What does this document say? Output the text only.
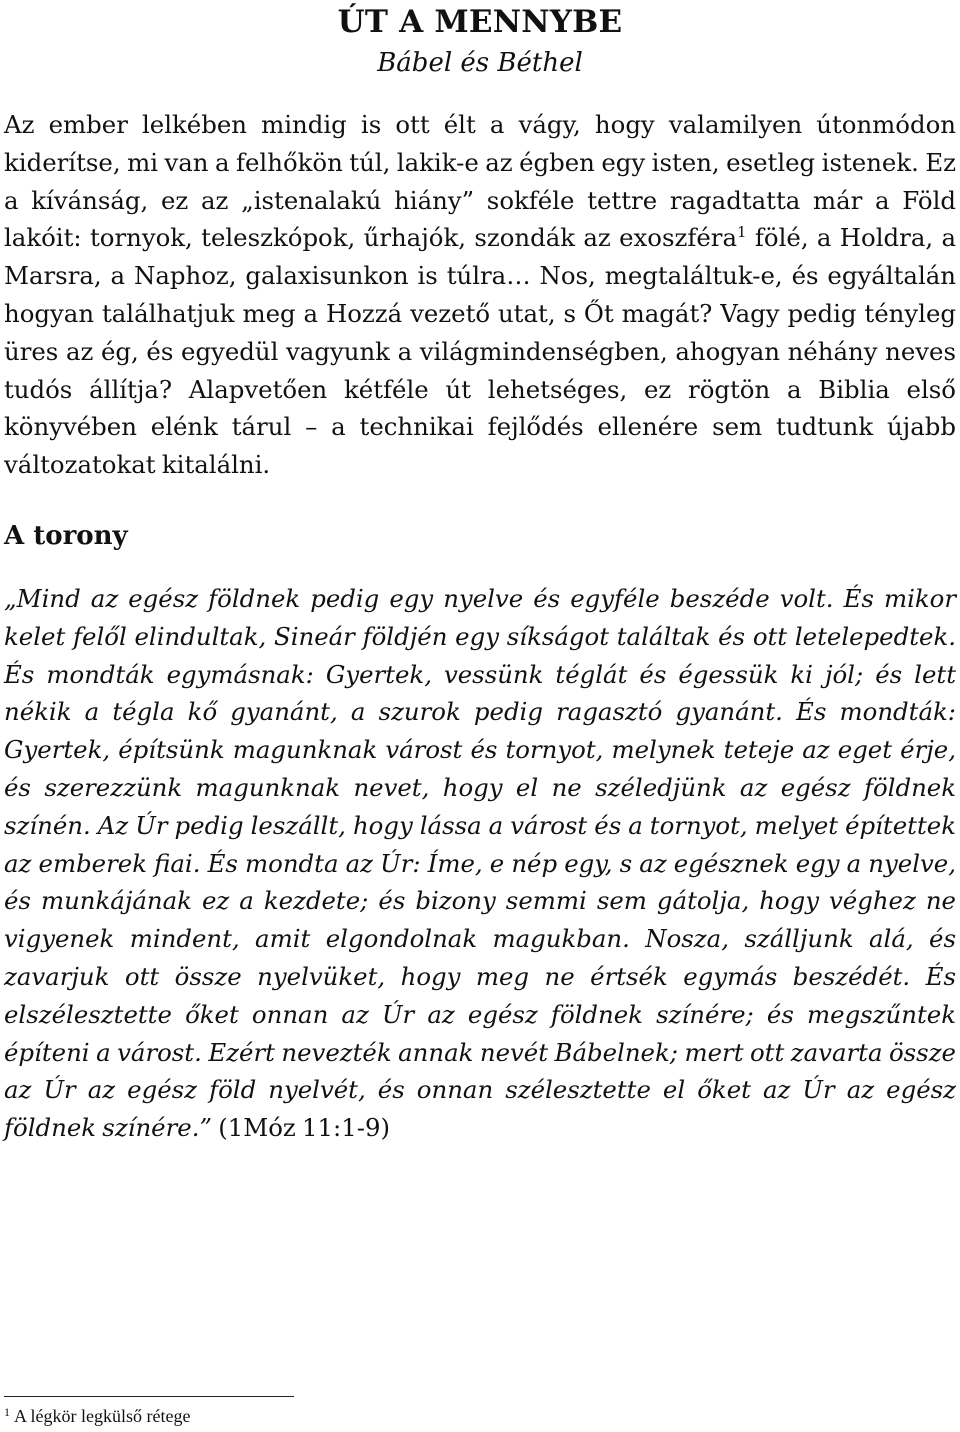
ÚT A MENNYBE
Bábel és Béthel

Az ember lelkében mindig is ott élt a vágy, hogy valamilyen útonmódon kiderítse, mi van a felhőkön túl, lakik-e az égben egy isten, esetleg istenek. Ez a kívánság, ez az „istenalakú hiány” sokféle tettre ragadtatta már a Föld lakóit: tornyok, teleszkópok, űrhajók, szondák az exoszféra$^1$ fölé, a Holdra, a Marsra, a Naphoz, galaxisunkon is túlra… Nos, megtaláltuk-e, és egyáltalán hogyan találhatjuk meg a Hozzá vezető utat, s Őt magát? Vagy pedig tényleg üres az ég, és egyedül vagyunk a világmindenségben, ahogyan néhány neves tudós állítja? Alapvetően kétféle út lehetséges, ez rögtön a Biblia első könyvében elénk tárul – a technikai fejlődés ellenére sem tudtunk újabb változatokat kitalálni.

A torony

„Mind az egész földnek pedig egy nyelve és egyféle beszéde volt. És mikor kelet felől elindultak, Sineár földjén egy síkságot találtak és ott letelepedtek. És mondták egymásnak: Gyertek, vessünk téglát és égessük ki jól; és lett nékik a tégla kő gyanánt, a szurok pedig ragasztó gyanánt. És mondták: Gyertek, építsünk magunknak várost és tornyot, melynek teteje az eget érje, és szerezzünk magunknak nevet, hogy el ne széledjünk az egész földnek színén. Az Úr pedig leszállt, hogy lássa a várost és a tornyot, melyet építettek az emberek fiai. És mondta az Úr: Íme, e nép egy, s az egésznek egy a nyelve, és munkájának ez a kezdete; és bizony semmi sem gátolja, hogy véghez ne vigyenek mindent, amit elgondolnak magukban. Nosza, szálljunk alá, és zavarjuk ott össze nyelvüket, hogy meg ne értsék egymás beszédét. És elszélesztette őket onnan az Úr az egész földnek színére; és megszűntek építeni a várost. Ezért nevezték annak nevét Bábelnek; mert ott zavarta össze az Úr az egész föld nyelvét, és onnan szélesztette el őket az Úr az egész földnek színére.” (1Móz 11:1-9)

$^1$ A légkör legkülső rétege
